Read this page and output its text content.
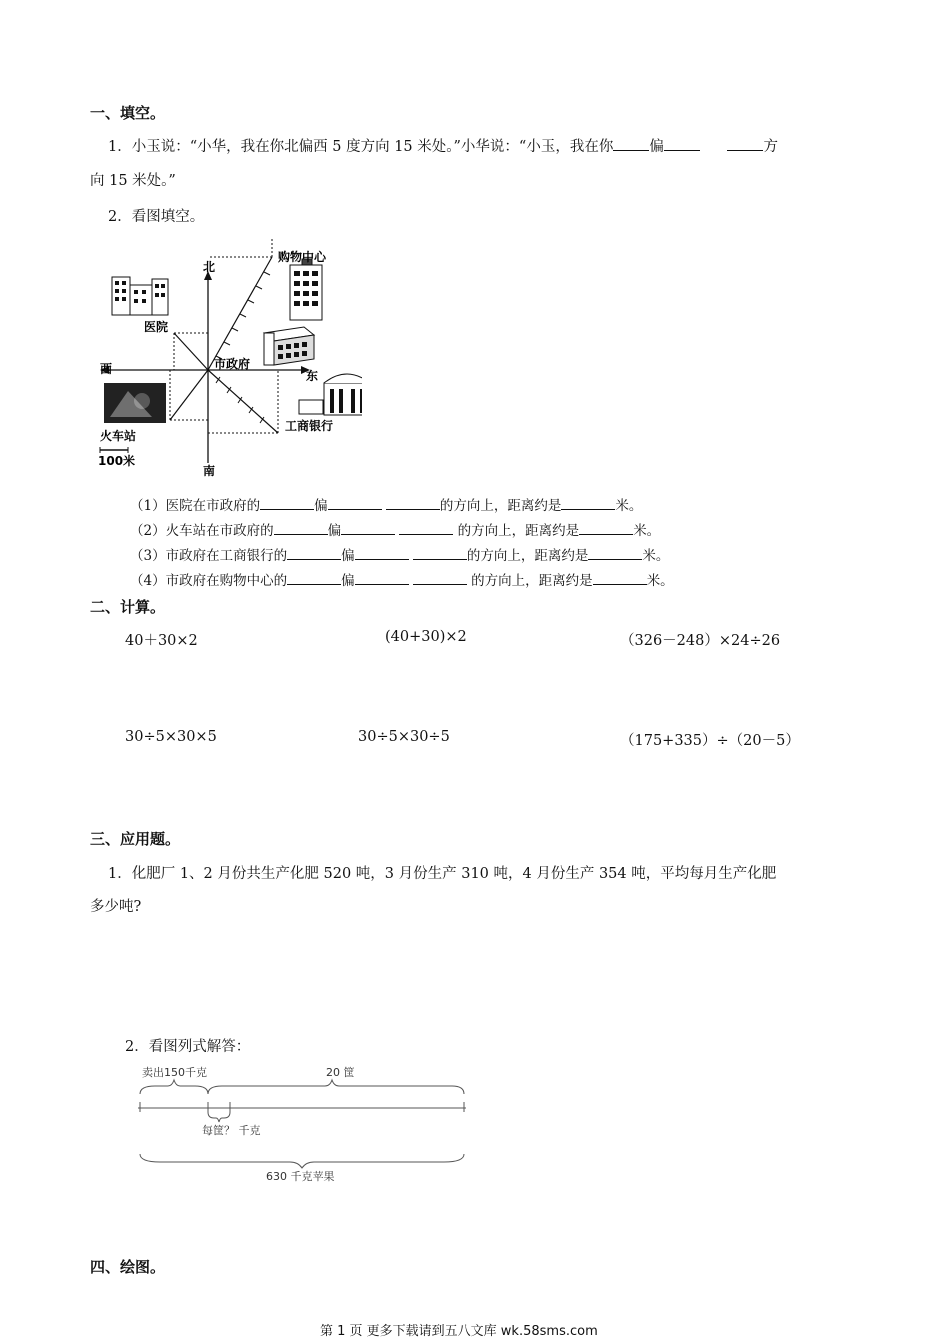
一、填空。
1．小玉说：“小华，我在你北偏西 5 度方向 15 米处。”小华说：“小玉，我在你 偏	方
向 15 米处。”
2．看图填空。
北
南
西	东
市政府
医院
购物中心
火车站
工商银行
100米
（1）医院在市政府的	偏	的方向上，距离约是	米。
（2）火车站在市政府的	偏	的方向上，距离约是	米。
（3）市政府在工商银行的	偏	的方向上，距离约是	米。
（4）市政府在购物中心的	偏	的方向上，距离约是	米。
二、计算。
40＋30×2	(40+30)×2	（326－248）×24÷26
30÷5×30×5	30÷5×30÷5	（175+335）÷（20－5）
三、应用题。
1．化肥厂 1、2 月份共生产化肥 520 吨，3 月份生产 310 吨，4 月份生产 354 吨，平均每月生产化肥
多少吨?
2．看图列式解答：
卖出150千克	20 筐
每筐？ 千克
630 千克苹果
四、绘图。
第 1 页 更多下载请到五八文库 wk.58sms.com
